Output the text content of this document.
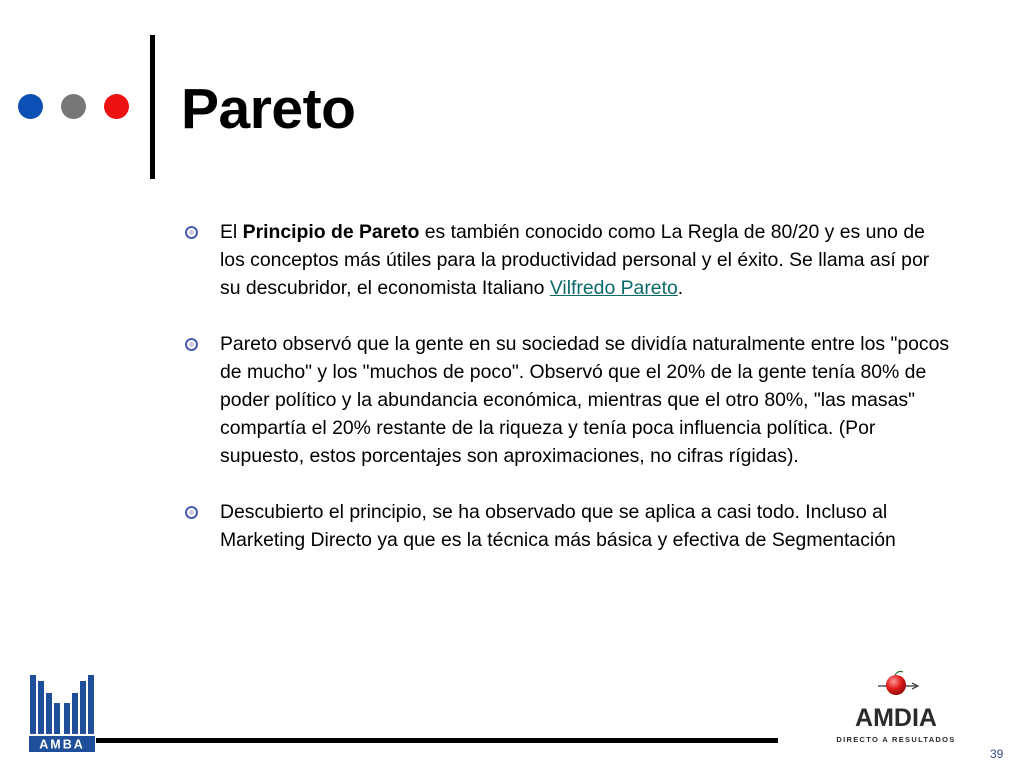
Pareto
El Principio de Pareto es también conocido como La Regla de 80/20 y es uno de los conceptos más útiles para la productividad personal y el éxito. Se llama así por su descubridor, el economista Italiano Vilfredo Pareto.
Pareto observó que la gente en su sociedad se dividía naturalmente entre los "pocos de mucho" y los "muchos de poco". Observó que el 20% de la gente tenía 80% de poder político y la abundancia económica, mientras que el otro 80%, "las masas" compartía el 20% restante de la riqueza y tenía poca influencia política. (Por supuesto, estos porcentajes son aproximaciones, no cifras rígidas).
Descubierto el principio, se ha observado que se aplica a casi todo. Incluso al Marketing Directo ya que es la técnica más básica y efectiva de Segmentación
AMBA
AMDIA
DIRECTO A RESULTADOS
39
